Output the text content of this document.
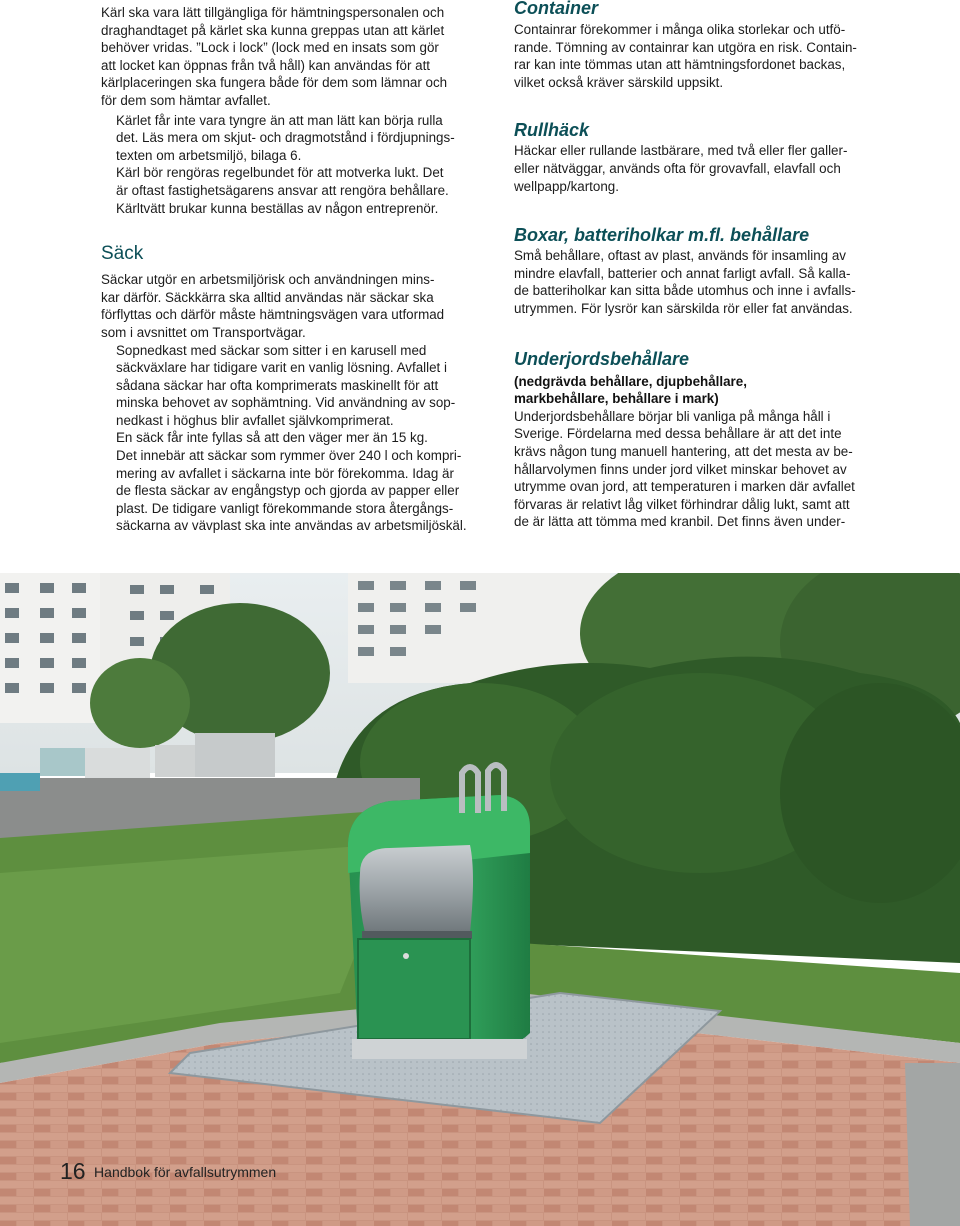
Kärl ska vara lätt tillgängliga för hämtningspersonalen och
draghandtaget på kärlet ska kunna greppas utan att kärlet
behöver vridas. ”Lock i lock” (lock med en insats som gör
att locket kan öppnas från två håll) kan användas för att
kärlplaceringen ska fungera både för dem som lämnar och
för dem som hämtar avfallet.

Kärlet får inte vara tyngre än att man lätt kan börja rulla
det. Läs mera om skjut- och dragmotstånd i fördjupnings-
texten om arbetsmiljö, bilaga 6.

Kärl bör rengöras regelbundet för att motverka lukt. Det
är oftast fastighetsägarens ansvar att rengöra behållare.
Kärltvätt brukar kunna beställas av någon entreprenör.

Säck

Säckar utgör en arbetsmiljörisk och användningen mins-
kar därför. Säckkärra ska alltid användas när säckar ska
förflyttas och därför måste hämtningsvägen vara utformad
som i avsnittet om Transportvägar.

Sopnedkast med säckar som sitter i en karusell med
säckväxlare har tidigare varit en vanlig lösning. Avfallet i
sådana säckar har ofta komprimerats maskinellt för att
minska behovet av sophämtning. Vid användning av sop-
nedkast i höghus blir avfallet självkomprimerat.

En säck får inte fyllas så att den väger mer än 15 kg.
Det innebär att säckar som rymmer över 240 l och kompri-
mering av avfallet i säckarna inte bör förekomma. Idag är
de flesta säckar av engångstyp och gjorda av papper eller
plast. De tidigare vanligt förekommande stora återgångs-
säckarna av vävplast ska inte användas av arbetsmiljöskäl.

Container

Containrar förekommer i många olika storlekar och utfö-
rande. Tömning av containrar kan utgöra en risk. Contain-
rar kan inte tömmas utan att hämtningsfordonet backas,
vilket också kräver särskild uppsikt.

Rullhäck

Häckar eller rullande lastbärare, med två eller fler galler-
eller nätväggar, används ofta för grovavfall, elavfall och
wellpapp/kartong.

Boxar, batteriholkar m.fl. behållare

Små behållare, oftast av plast, används för insamling av
mindre elavfall, batterier och annat farligt avfall. Så kalla-
de batteriholkar kan sitta både utomhus och inne i avfalls-
utrymmen. För lysrör kan särskilda rör eller fat användas.

Underjordsbehållare

(nedgrävda behållare, djupbehållare,
markbehållare, behållare i mark)

Underjordsbehållare börjar bli vanliga på många håll i
Sverige. Fördelarna med dessa behållare är att det inte
krävs någon tung manuell hantering, att det mesta av be-
hållarvolymen finns under jord vilket minskar behovet av
utrymme ovan jord, att temperaturen i marken där avfallet
förvaras är relativt låg vilket förhindrar dålig lukt, samt att
de är lätta att tömma med kranbil. Det finns även under-

16 Handbok för avfallsutrymmen
